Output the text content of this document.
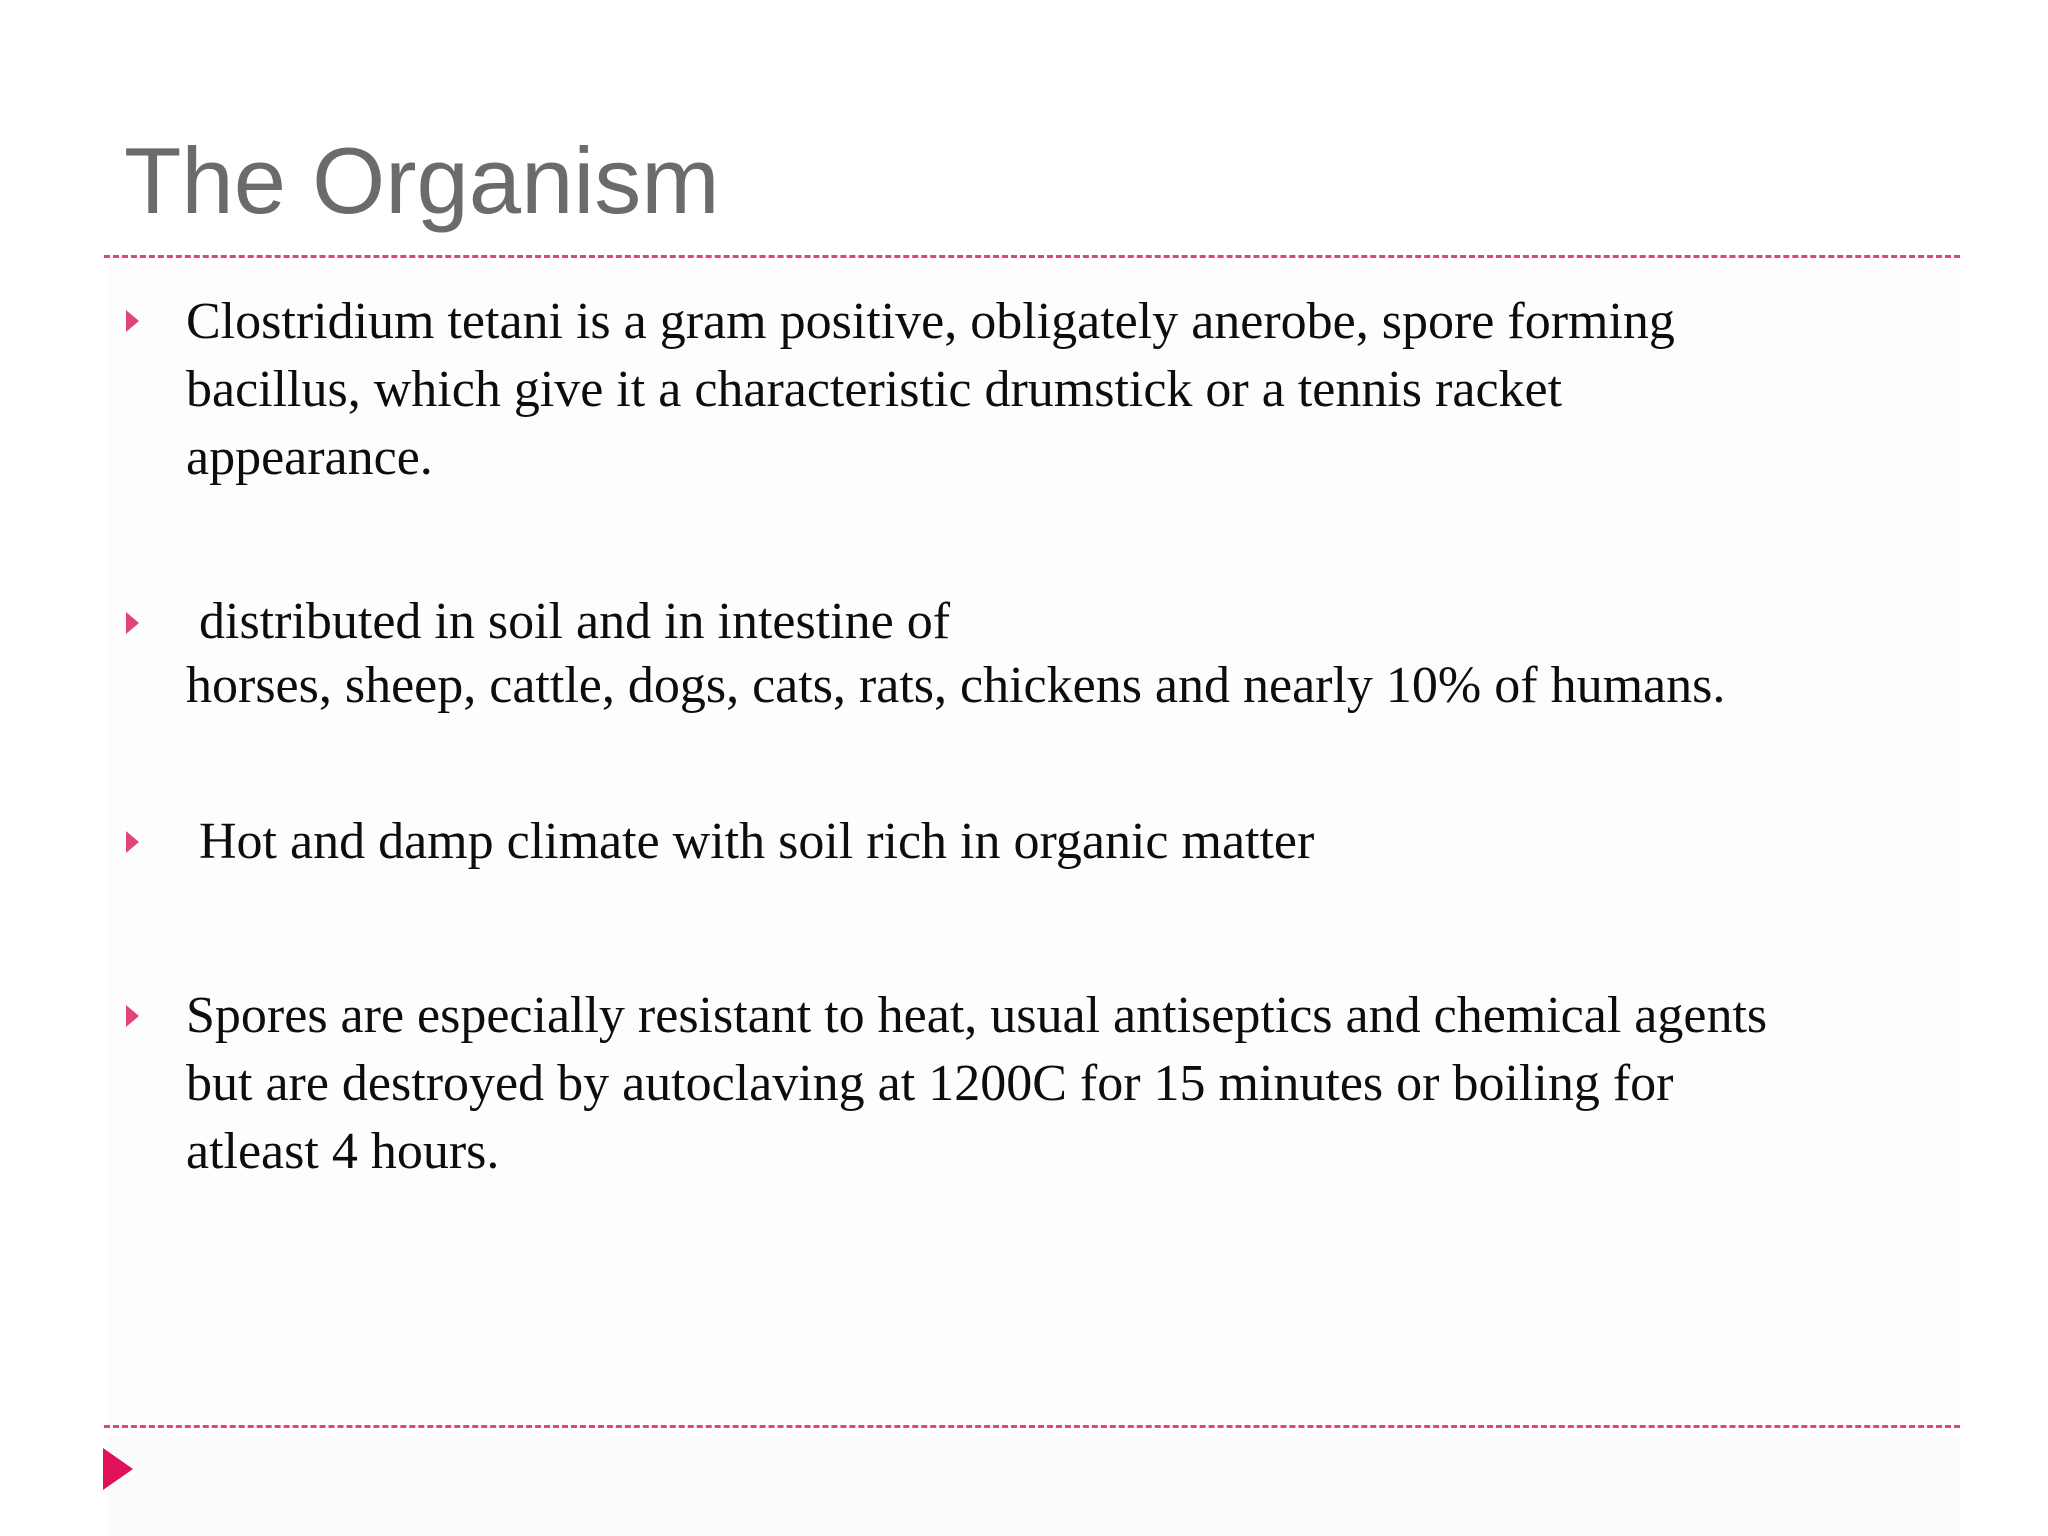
The Organism

Clostridium tetani is a gram positive, obligately anerobe, spore forming
bacillus, which give it a characteristic drumstick or a tennis racket
appearance.

distributed in soil and in intestine of
horses, sheep, cattle, dogs, cats, rats, chickens and nearly 10% of humans.

Hot and damp climate with soil rich in organic matter

Spores are especially resistant to heat, usual antiseptics and chemical agents
but are destroyed by autoclaving at 1200C for 15 minutes or boiling for
atleast 4 hours.
